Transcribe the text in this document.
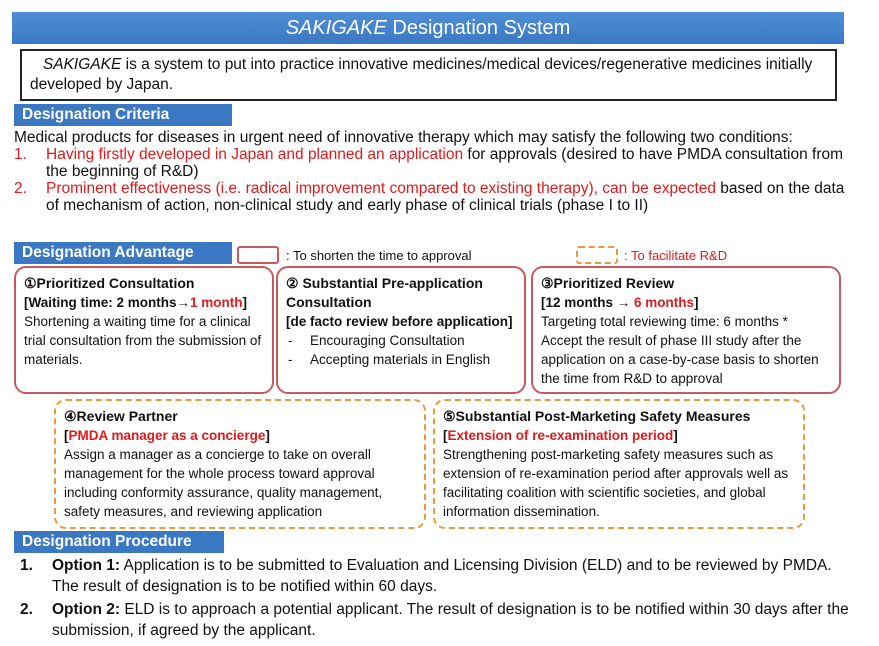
SAKIGAKE Designation System
SAKIGAKE is a system to put into practice innovative medicines/medical devices/regenerative medicines initially developed by Japan.
Designation Criteria
Medical products for diseases in urgent need of innovative therapy which may satisfy the following two conditions:
1. Having firstly developed in Japan and planned an application for approvals (desired to have PMDA consultation from the beginning of R&D)
2. Prominent effectiveness (i.e. radical improvement compared to existing therapy), can be expected based on the data of mechanism of action, non-clinical study and early phase of clinical trials (phase I to II)
Designation Advantage	: To shorten the time to approval	: To facilitate R&D
①Prioritized Consultation
[Waiting time: 2 months→1 month]
Shortening a waiting time for a clinical trial consultation from the submission of materials.
② Substantial Pre-application Consultation
[de facto review before application]
- Encouraging Consultation
- Accepting materials in English
③Prioritized Review
[12 months → 6 months]
Targeting total reviewing time: 6 months * Accept the result of phase III study after the application on a case-by-case basis to shorten the time from R&D to approval
④Review Partner
[PMDA manager as a concierge]
Assign a manager as a concierge to take on overall management for the whole process toward approval including conformity assurance, quality management, safety measures, and reviewing application
⑤Substantial Post-Marketing Safety Measures
[Extension of re-examination period]
Strengthening post-marketing safety measures such as extension of re-examination period after approvals well as facilitating coalition with scientific societies, and global information dissemination.
Designation Procedure
1. Option 1: Application is to be submitted to Evaluation and Licensing Division (ELD) and to be reviewed by PMDA. The result of designation is to be notified within 60 days.
2. Option 2: ELD is to approach a potential applicant. The result of designation is to be notified within 30 days after the submission, if agreed by the applicant.
